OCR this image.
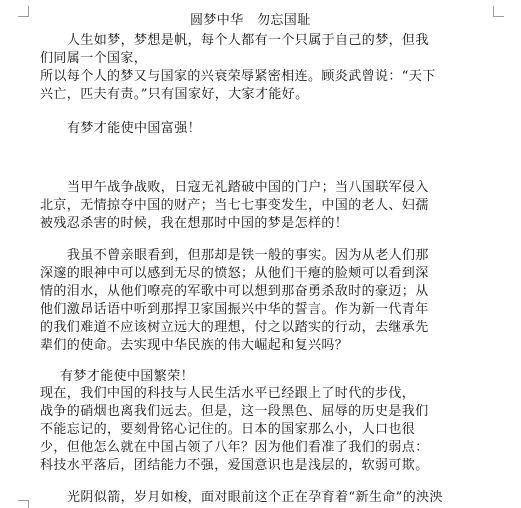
圆梦中华　勿忘国耻

人生如梦，梦想是帆，每个人都有一个只属于自己的梦，但我

们同属一个国家，

所以每个人的梦又与国家的兴衰荣辱紧密相连。顾炎武曾说：“天下

兴亡，匹夫有责。”只有国家好，大家才能好。

有梦才能使中国富强！

当甲午战争战败，日寇无礼踏破中国的门户；当八国联军侵入

北京，无情掠夺中国的财产；当七七事变发生，中国的老人、妇孺

被残忍杀害的时候，我在想那时中国的梦是怎样的！

我虽不曾亲眼看到，但那却是铁一般的事实。因为从老人们那

深邃的眼神中可以感到无尽的愤怒；从他们干瘪的脸颊可以看到深

情的泪水，从他们嘹亮的军歌中可以想到那奋勇杀敌时的豪迈；从

他们激昂话语中听到那捍卫家国振兴中华的誓言。作为新一代青年

的我们难道不应该树立远大的理想，付之以踏实的行动，去继承先

辈们的使命。去实现中华民族的伟大崛起和复兴吗？

有梦才能使中国繁荣！

现在，我们中国的科技与人民生活水平已经跟上了时代的步伐，

战争的硝烟也离我们远去。但是，这一段黑色、屈辱的历史是我们

不能忘记的，要刻骨铭心记住的。日本的国家那么小，人口也很

少，但他怎么就在中国占领了八年？因为他们看准了我们的弱点：

科技水平落后，团结能力不强，爱国意识也是浅层的，软弱可欺。

光阴似箭，岁月如梭，面对眼前这个正在孕育着“新生命”的泱泱
